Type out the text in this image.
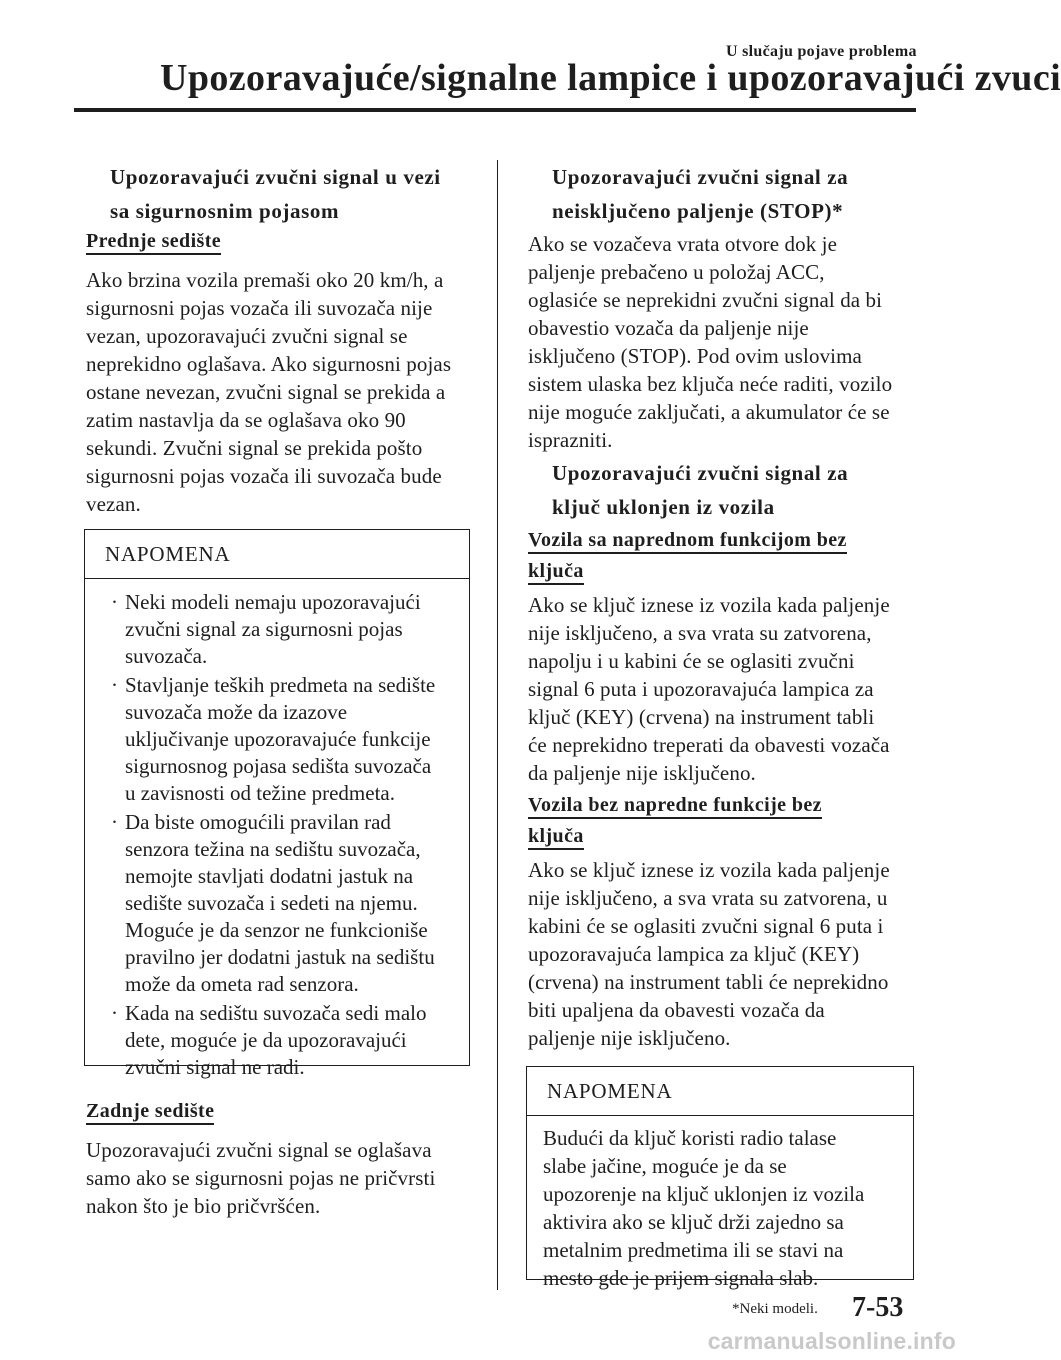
U slučaju pojave problema
Upozoravajuće/signalne lampice i upozoravajući zvuci
Upozoravajući zvučni signal u vezi
sa sigurnosnim pojasom
Prednje sedište
Ako brzina vozila premaši oko 20 km/h, a
sigurnosni pojas vozača ili suvozača nije
vezan, upozoravajući zvučni signal se
neprekidno oglašava. Ako sigurnosni pojas
ostane nevezan, zvučni signal se prekida a
zatim nastavlja da se oglašava oko 90
sekundi. Zvučni signal se prekida pošto
sigurnosni pojas vozača ili suvozača bude
vezan.
NAPOMENA
· Neki modeli nemaju upozoravajući
zvučni signal za sigurnosni pojas
suvozača.
· Stavljanje teških predmeta na sedište
suvozača može da izazove
uključivanje upozoravajuće funkcije
sigurnosnog pojasa sedišta suvozača
u zavisnosti od težine predmeta.
· Da biste omogućili pravilan rad
senzora težina na sedištu suvozača,
nemojte stavljati dodatni jastuk na
sedište suvozača i sedeti na njemu.
Moguće je da senzor ne funkcioniše
pravilno jer dodatni jastuk na sedištu
može da ometa rad senzora.
· Kada na sedištu suvozača sedi malo
dete, moguće je da upozoravajući
zvučni signal ne radi.
Zadnje sedište
Upozoravajući zvučni signal se oglašava
samo ako se sigurnosni pojas ne pričvrsti
nakon što je bio pričvršćen.
Upozoravajući zvučni signal za
neisključeno paljenje (STOP)*
Ako se vozačeva vrata otvore dok je
paljenje prebačeno u položaj ACC,
oglasiće se neprekidni zvučni signal da bi
obavestio vozača da paljenje nije
isključeno (STOP). Pod ovim uslovima
sistem ulaska bez ključa neće raditi, vozilo
nije moguće zaključati, a akumulator će se
isprazniti.
Upozoravajući zvučni signal za
ključ uklonjen iz vozila
Vozila sa naprednom funkcijom bez
ključa
Ako se ključ iznese iz vozila kada paljenje
nije isključeno, a sva vrata su zatvorena,
napolju i u kabini će se oglasiti zvučni
signal 6 puta i upozoravajuća lampica za
ključ (KEY) (crvena) na instrument tabli
će neprekidno treperati da obavesti vozača
da paljenje nije isključeno.
Vozila bez napredne funkcije bez
ključa
Ako se ključ iznese iz vozila kada paljenje
nije isključeno, a sva vrata su zatvorena, u
kabini će se oglasiti zvučni signal 6 puta i
upozoravajuća lampica za ključ (KEY)
(crvena) na instrument tabli će neprekidno
biti upaljena da obavesti vozača da
paljenje nije isključeno.
NAPOMENA
Budući da ključ koristi radio talase
slabe jačine, moguće je da se
upozorenje na ključ uklonjen iz vozila
aktivira ako se ključ drži zajedno sa
metalnim predmetima ili se stavi na
mesto gde je prijem signala slab.
*Neki modeli. 7-53
carmanualsonline.info
